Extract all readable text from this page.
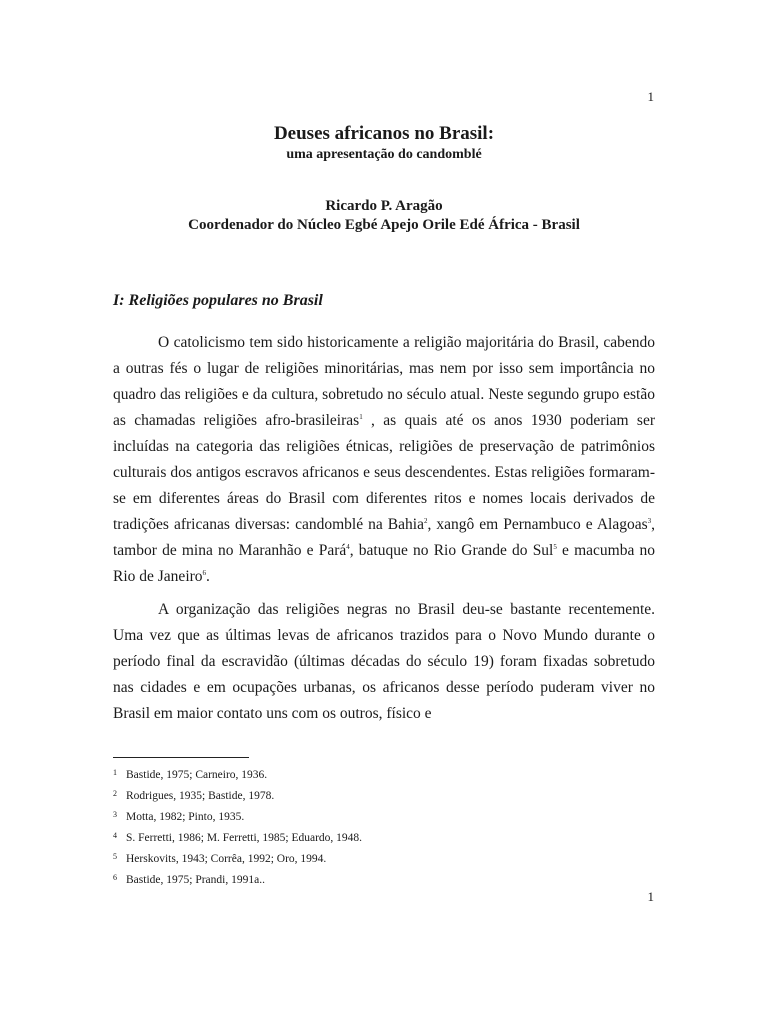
1
Deuses africanos no Brasil:
uma apresentação do candomblé
Ricardo P. Aragão
Coordenador do Núcleo Egbé Apejo Orile Edé África - Brasil
I: Religiões populares no Brasil

O catolicismo tem sido historicamente a religião majoritária do Brasil, cabendo a outras fés o lugar de religiões minoritárias, mas nem por isso sem importância no quadro das religiões e da cultura, sobretudo no século atual. Neste segundo grupo estão as chamadas religiões afro-brasileiras$^1$ , as quais até os anos 1930 poderiam ser incluídas na categoria das religiões étnicas, religiões de preservação de patrimônios culturais dos antigos escravos africanos e seus descendentes. Estas religiões formaram-se em diferentes áreas do Brasil com diferentes ritos e nomes locais derivados de tradições africanas diversas: candomblé na Bahia$^2$, xangô em Pernambuco e Alagoas$^3$, tambor de mina no Maranhão e Pará$^4$, batuque no Rio Grande do Sul$^5$ e macumba no Rio de Janeiro$^6$.

A organização das religiões negras no Brasil deu-se bastante recentemente. Uma vez que as últimas levas de africanos trazidos para o Novo Mundo durante o período final da escravidão (últimas décadas do século 19) foram fixadas sobretudo nas cidades e em ocupações urbanas, os africanos desse período puderam viver no Brasil em maior contato uns com os outros, físico e

1 Bastide, 1975; Carneiro, 1936.
2 Rodrigues, 1935; Bastide, 1978.
3 Motta, 1982; Pinto, 1935.
4 S. Ferretti, 1986; M. Ferretti, 1985; Eduardo, 1948.
5 Herskovits, 1943; Corrêa, 1992; Oro, 1994.
6 Bastide, 1975; Prandi, 1991a..
1
